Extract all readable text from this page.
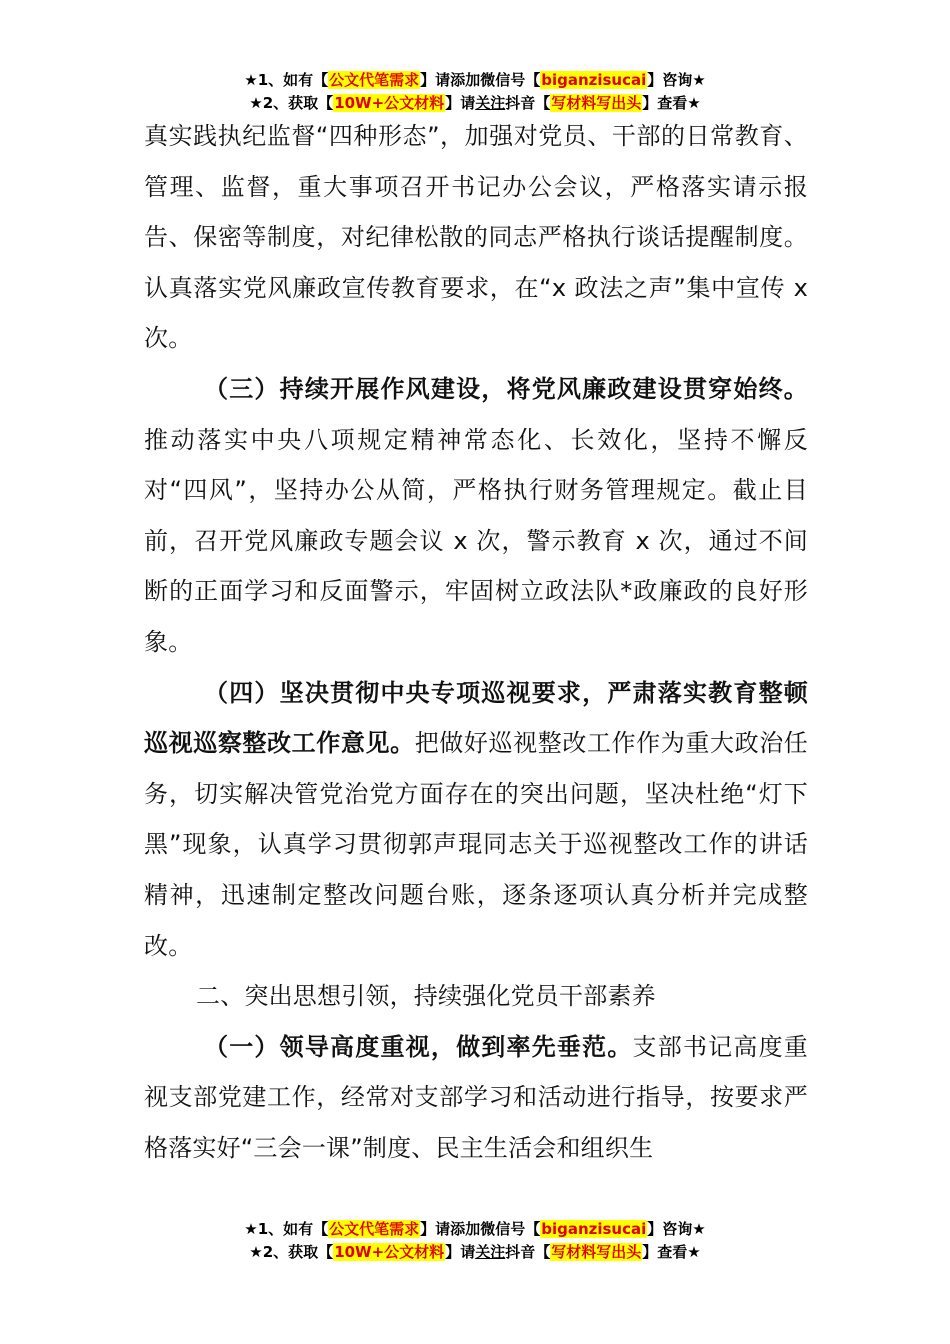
★1、如有【公文代笔需求】请添加微信号【biganzisucai】咨询★
★2、获取【10W+公文材料】请关注抖音【写材料写出头】查看★

真实践执纪监督“四种形态”，加强对党员、干部的日常教育、管理、监督，重大事项召开书记办公会议，严格落实请示报告、保密等制度，对纪律松散的同志严格执行谈话提醒制度。认真落实党风廉政宣传教育要求，在“x 政法之声”集中宣传 x 次。

（三）持续开展作风建设，将党风廉政建设贯穿始终。推动落实中央八项规定精神常态化、长效化，坚持不懈反对“四风”，坚持办公从简，严格执行财务管理规定。截止目前，召开党风廉政专题会议 x 次，警示教育 x 次，通过不间断的正面学习和反面警示，牢固树立政法队*政廉政的良好形象。

（四）坚决贯彻中央专项巡视要求，严肃落实教育整顿巡视巡察整改工作意见。把做好巡视整改工作作为重大政治任务，切实解决管党治党方面存在的突出问题，坚决杜绝“灯下黑”现象，认真学习贯彻郭声琨同志关于巡视整改工作的讲话精神，迅速制定整改问题台账，逐条逐项认真分析并完成整改。

二、突出思想引领，持续强化党员干部素养

（一）领导高度重视，做到率先垂范。支部书记高度重视支部党建工作，经常对支部学习和活动进行指导，按要求严格落实好“三会一课”制度、民主生活会和组织生

★1、如有【公文代笔需求】请添加微信号【biganzisucai】咨询★
★2、获取【10W+公文材料】请关注抖音【写材料写出头】查看★
